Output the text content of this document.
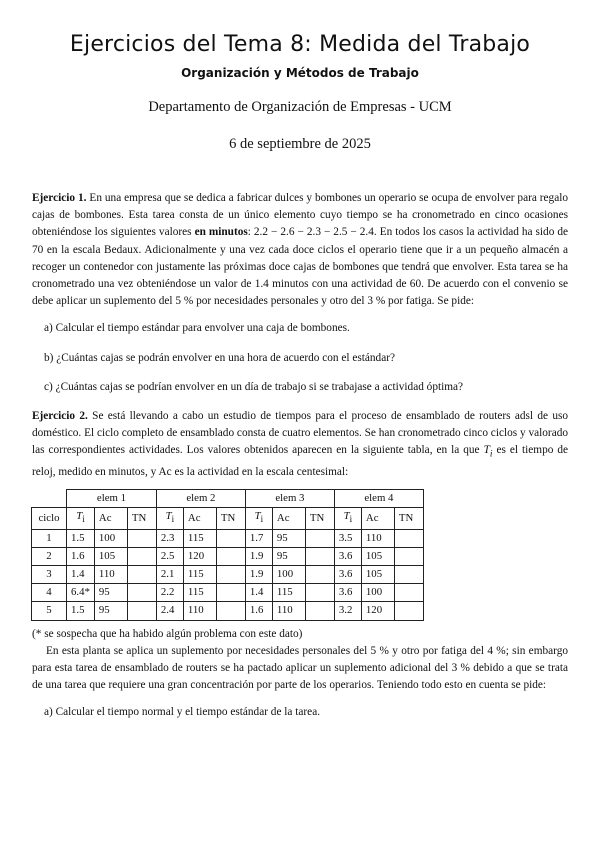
Ejercicios del Tema 8: Medida del Trabajo
Organización y Métodos de Trabajo
Departamento de Organización de Empresas - UCM
6 de septiembre de 2025

Ejercicio 1. En una empresa que se dedica a fabricar dulces y bombones un operario se ocupa de envolver para regalo cajas de bombones. Esta tarea consta de un único elemento cuyo tiempo se ha cronometrado en cinco ocasiones obteniéndose los siguientes valores en minutos: 2.2 − 2.6 − 2.3 − 2.5 − 2.4. En todos los casos la actividad ha sido de 70 en la escala Bedaux. Adicionalmente y una vez cada doce ciclos el operario tiene que ir a un pequeño almacén a recoger un contenedor con justamente las próximas doce cajas de bombones que tendrá que envolver. Esta tarea se ha cronometrado una vez obteniéndose un valor de 1.4 minutos con una actividad de 60. De acuerdo con el convenio se debe aplicar un suplemento del 5 % por necesidades personales y otro del 3 % por fatiga. Se pide:

a) Calcular el tiempo estándar para envolver una caja de bombones.
b) ¿Cuántas cajas se podrán envolver en una hora de acuerdo con el estándar?
c) ¿Cuántas cajas se podrían envolver en un día de trabajo si se trabajase a actividad óptima?

Ejercicio 2. Se está llevando a cabo un estudio de tiempos para el proceso de ensamblado de routers adsl de uso doméstico. El ciclo completo de ensamblado consta de cuatro elementos. Se han cronometrado cinco ciclos y valorado las correspondientes actividades. Los valores obtenidos aparecen en la siguiente tabla, en la que $T_i$ es el tiempo de reloj, medido en minutos, y Ac es la actividad en la escala centesimal:

	elem 1			elem 2			elem 3			elem 4		
ciclo	$T_i$	Ac	TN	$T_i$	Ac	TN	$T_i$	Ac	TN	$T_i$	Ac	TN
1	1.5	100		2.3	115		1.7	95		3.5	110	
2	1.6	105		2.5	120		1.9	95		3.6	105	
3	1.4	110		2.1	115		1.9	100		3.6	105	
4	6.4*	95		2.2	115		1.4	115		3.6	100	
5	1.5	95		2.4	110		1.6	110		3.2	120	

(* se sospecha que ha habido algún problema con este dato)

En esta planta se aplica un suplemento por necesidades personales del 5 % y otro por fatiga del 4 %; sin embargo para esta tarea de ensamblado de routers se ha pactado aplicar un suplemento adicional del 3 % debido a que se trata de una tarea que requiere una gran concentración por parte de los operarios. Teniendo todo esto en cuenta se pide:

a) Calcular el tiempo normal y el tiempo estándar de la tarea.
